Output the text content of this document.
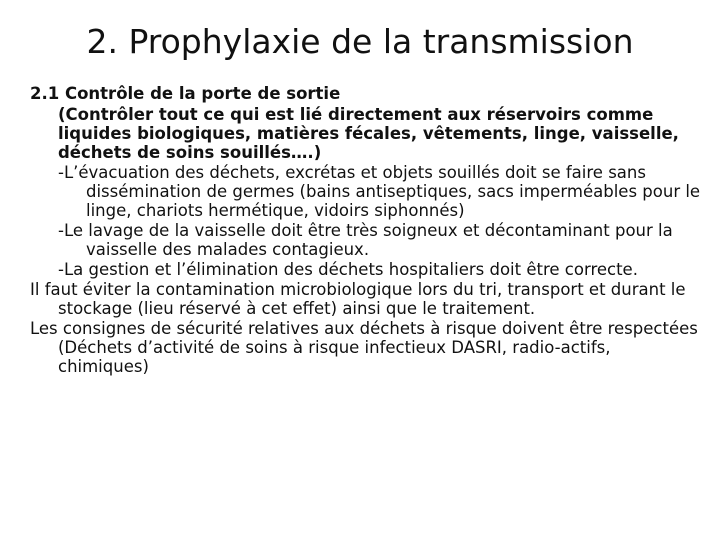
2. Prophylaxie de la transmission

2.1 Contrôle de la porte de sortie

(Contrôler tout ce qui est lié directement aux réservoirs comme liquides biologiques, matières fécales, vêtements, linge, vaisselle, déchets de soins souillés….)

-L’évacuation des déchets, excrétas et objets souillés doit se faire sans dissémination de germes (bains antiseptiques, sacs imperméables pour le linge, chariots hermétique, vidoirs siphonnés)

-Le lavage de la vaisselle doit être très soigneux et décontaminant pour la vaisselle des malades contagieux.

-La gestion et l’élimination des déchets hospitaliers doit être correcte.

Il faut éviter la contamination microbiologique lors du tri, transport et durant le stockage (lieu réservé à cet effet) ainsi que le traitement.

Les consignes de sécurité relatives aux déchets à risque doivent être respectées (Déchets d’activité de soins à risque infectieux DASRI, radio-actifs, chimiques)
